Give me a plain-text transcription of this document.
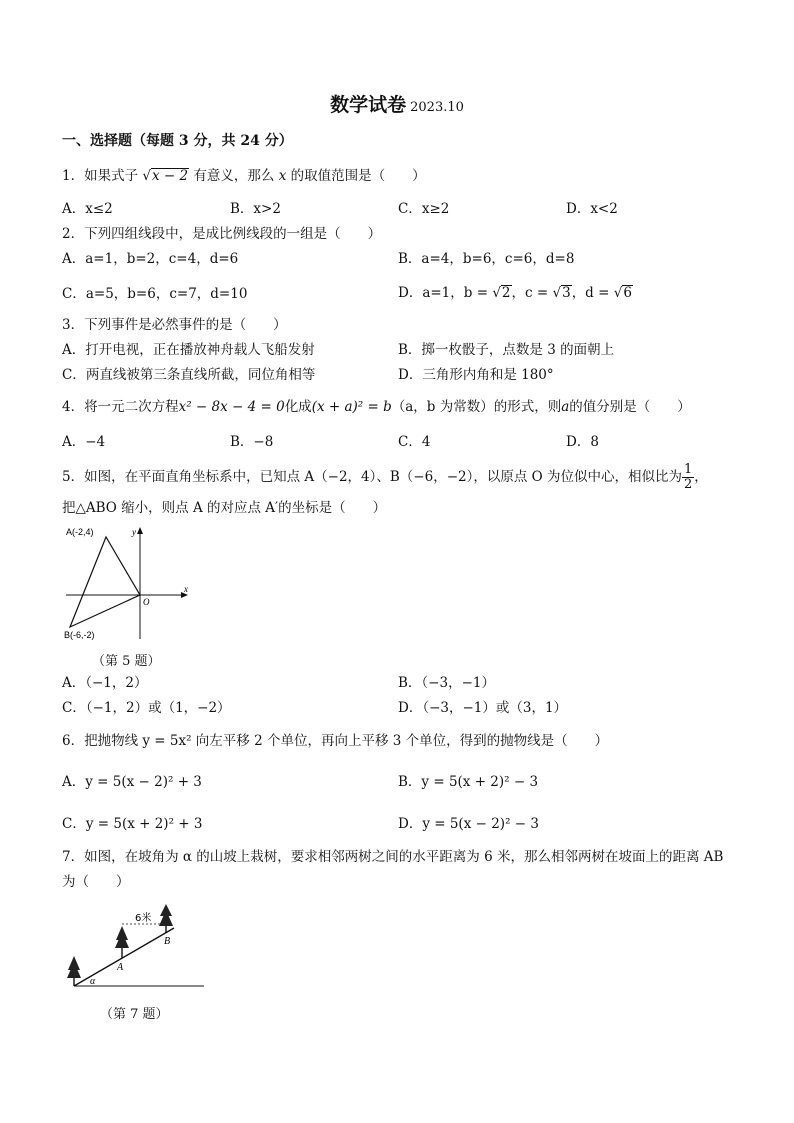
数学试卷 2023.10
一、选择题（每题 3 分，共 24 分）
1．如果式子 √x − 2 有意义，那么 x 的取值范围是（　　）
A．x≤2	B．x>2	C．x≥2	D．x<2
2．下列四组线段中，是成比例线段的一组是（　　）
A．a=1，b=2，c=4，d=6	B．a=4，b=6，c=6，d=8
C．a=5，b=6，c=7，d=10	D．a=1，b = √2，c = √3，d = √6
3．下列事件是必然事件的是（　　）
A．打开电视，正在播放神舟载人飞船发射	B．掷一枚骰子，点数是 3 的面朝上
C．两直线被第三条直线所截，同位角相等	D．三角形内角和是 180°
4．将一元二次方程x² − 8x − 4 = 0化成(x + a)² = b（a，b 为常数）的形式，则a的值分别是（　　）
A．−4	B．−8	C．4	D．8
5．如图，在平面直角坐标系中，已知点 A（−2，4）、B（−6，−2），以原点 O 为位似中心，相似比为 $\frac{1}{2}$ ，
把△ABO 缩小，则点 A 的对应点 A′的坐标是（　　）
A(-2,4)
B(-6,-2)
y
x
O
（第 5 题）
A．（−1，2）	B．（−3，−1）
C．（−1，2）或（1，−2）	D．（−3，−1）或（3，1）
6．把抛物线 y = 5x² 向左平移 2 个单位，再向上平移 3 个单位，得到的抛物线是（　　）
A．y = 5(x − 2)² + 3	B．y = 5(x + 2)² − 3
C．y = 5(x + 2)² + 3	D．y = 5(x − 2)² − 3
7．如图，在坡角为 α 的山坡上栽树，要求相邻两树之间的水平距离为 6 米，那么相邻两树在坡面上的距离 AB
为（　　）
6米
A
B
α
（第 7 题）
